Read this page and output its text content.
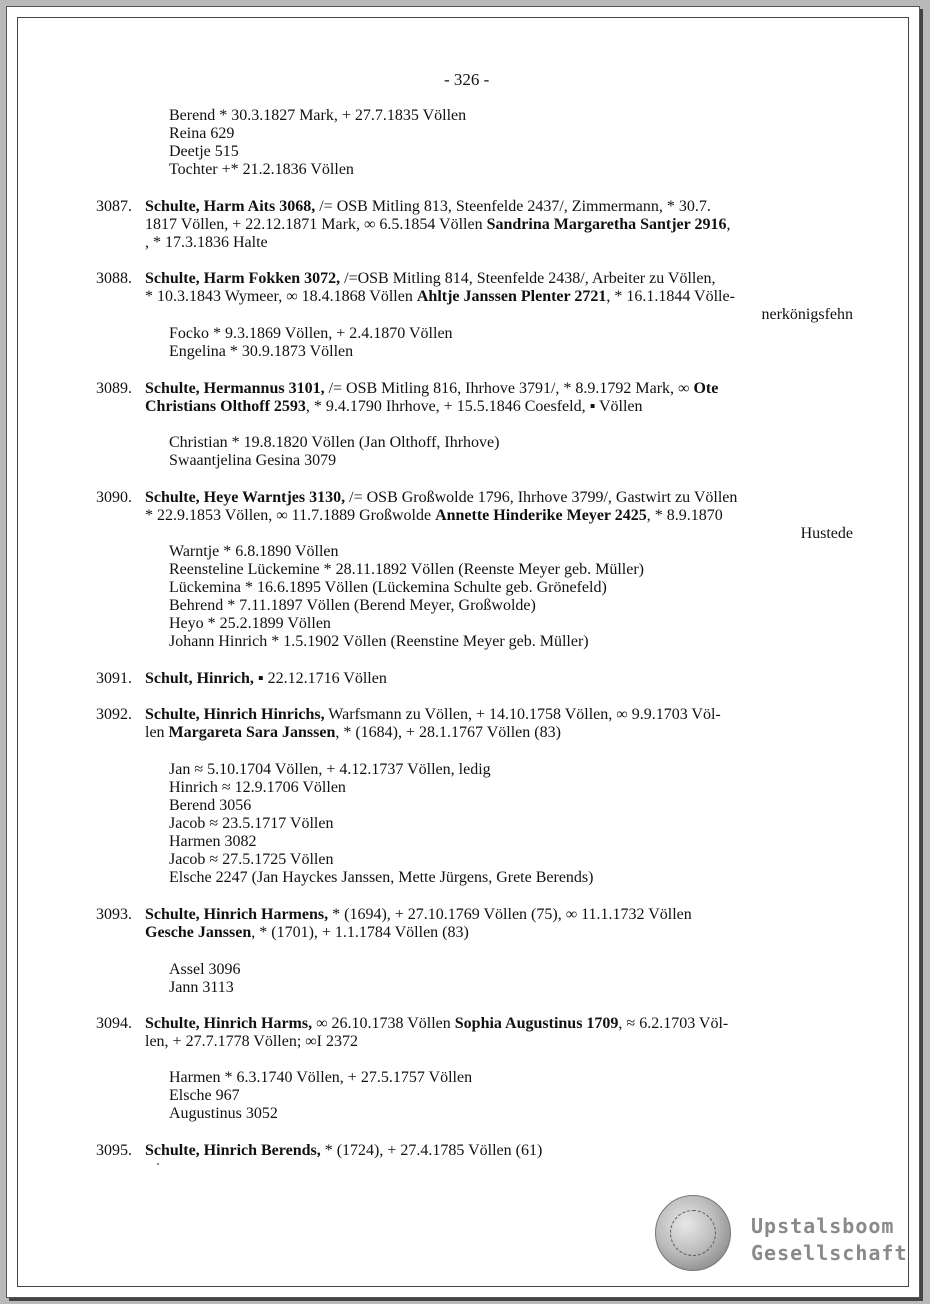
- 326 -
Berend * 30.3.1827 Mark, + 27.7.1835 Völlen
Reina 629
Deetje 515
Tochter +* 21.2.1836 Völlen
3087. Schulte, Harm Aits 3068, /= OSB Mitling 813, Steenfelde 2437/, Zimmermann, * 30.7.
1817 Völlen, + 22.12.1871 Mark, ∞ 6.5.1854 Völlen Sandrina Margaretha Santjer 2916,
, * 17.3.1836 Halte
3088. Schulte, Harm Fokken 3072, /=OSB Mitling 814, Steenfelde 2438/, Arbeiter zu Völlen,
* 10.3.1843 Wymeer, ∞ 18.4.1868 Völlen Ahltje Janssen Plenter 2721, * 16.1.1844 Völle-
nerkönigsfehn
Focko * 9.3.1869 Völlen, + 2.4.1870 Völlen
Engelina * 30.9.1873 Völlen
3089. Schulte, Hermannus 3101, /= OSB Mitling 816, Ihrhove 3791/, * 8.9.1792 Mark, ∞ Ote
Christians Olthoff 2593, * 9.4.1790 Ihrhove, + 15.5.1846 Coesfeld, ▪ Völlen
Christian * 19.8.1820 Völlen (Jan Olthoff, Ihrhove)
Swaantjelina Gesina 3079
3090. Schulte, Heye Warntjes 3130, /= OSB Großwolde 1796, Ihrhove 3799/, Gastwirt zu Völlen
* 22.9.1853 Völlen, ∞ 11.7.1889 Großwolde Annette Hinderike Meyer 2425, * 8.9.1870
Hustede
Warntje * 6.8.1890 Völlen
Reensteline Lückemine * 28.11.1892 Völlen (Reenste Meyer geb. Müller)
Lückemina * 16.6.1895 Völlen (Lückemina Schulte geb. Grönefeld)
Behrend * 7.11.1897 Völlen (Berend Meyer, Großwolde)
Heyo * 25.2.1899 Völlen
Johann Hinrich * 1.5.1902 Völlen (Reenstine Meyer geb. Müller)
3091. Schult, Hinrich, ▪ 22.12.1716 Völlen
3092. Schulte, Hinrich Hinrichs, Warfsmann zu Völlen, + 14.10.1758 Völlen, ∞ 9.9.1703 Völ-
len Margareta Sara Janssen, * (1684), + 28.1.1767 Völlen (83)
Jan ≈ 5.10.1704 Völlen, + 4.12.1737 Völlen, ledig
Hinrich ≈ 12.9.1706 Völlen
Berend 3056
Jacob ≈ 23.5.1717 Völlen
Harmen 3082
Jacob ≈ 27.5.1725 Völlen
Elsche 2247 (Jan Hayckes Janssen, Mette Jürgens, Grete Berends)
3093. Schulte, Hinrich Harmens, * (1694), + 27.10.1769 Völlen (75), ∞ 11.1.1732 Völlen
Gesche Janssen, * (1701), + 1.1.1784 Völlen (83)
Assel 3096
Jann 3113
3094. Schulte, Hinrich Harms, ∞ 26.10.1738 Völlen Sophia Augustinus 1709, ≈ 6.2.1703 Völ-
len, + 27.7.1778 Völlen; ∞I 2372
Harmen * 6.3.1740 Völlen, + 27.5.1757 Völlen
Elsche 967
Augustinus 3052
3095. Schulte, Hinrich Berends, * (1724), + 27.4.1785 Völlen (61)
Upstalsboom
Gesellschaft
